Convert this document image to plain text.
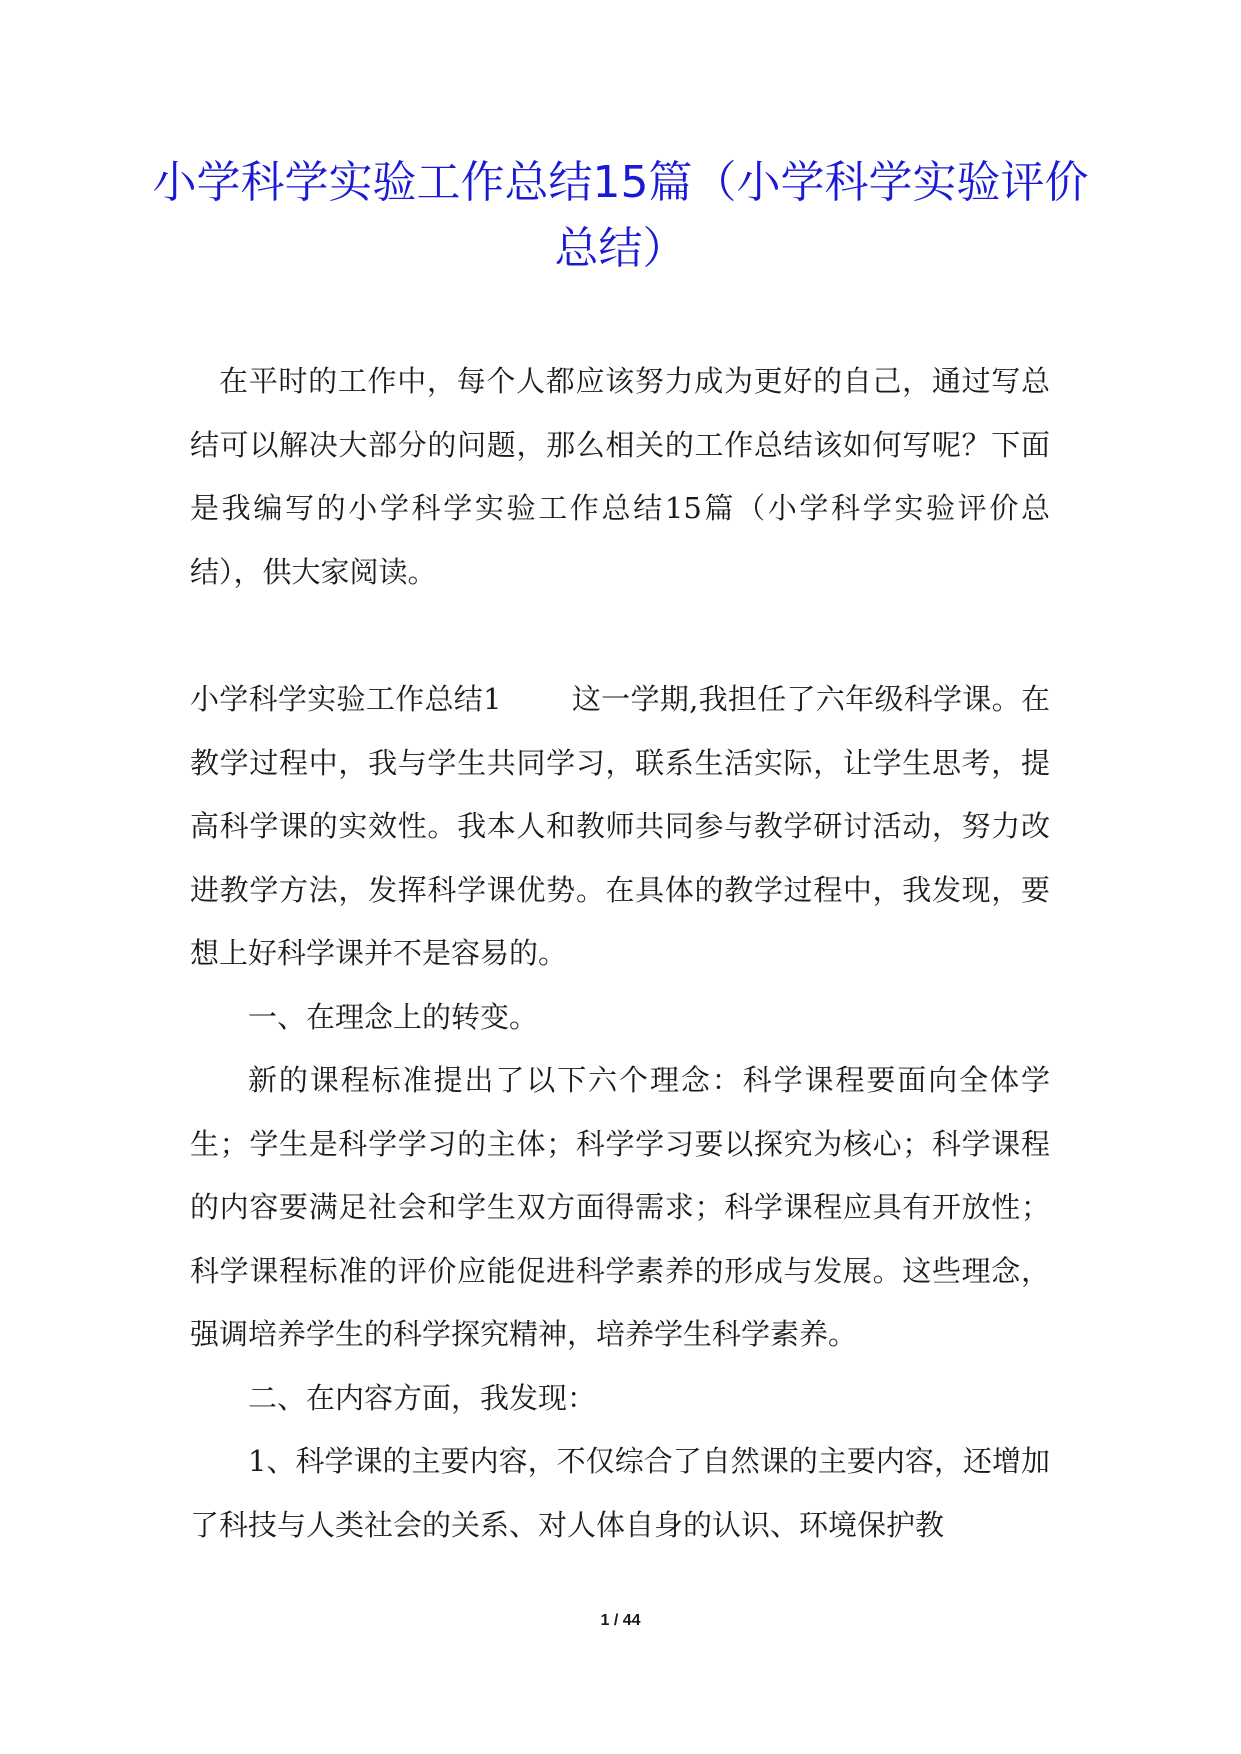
小学科学实验工作总结15篇（小学科学实验评价总结）

在平时的工作中，每个人都应该努力成为更好的自己，通过写总结可以解决大部分的问题，那么相关的工作总结该如何写呢？下面是我编写的小学科学实验工作总结15篇（小学科学实验评价总结），供大家阅读。

小学科学实验工作总结1 这一学期,我担任了六年级科学课。在教学过程中，我与学生共同学习，联系生活实际，让学生思考，提高科学课的实效性。我本人和教师共同参与教学研讨活动，努力改进教学方法，发挥科学课优势。在具体的教学过程中，我发现，要想上好科学课并不是容易的。

一、在理念上的转变。

新的课程标准提出了以下六个理念：科学课程要面向全体学生；学生是科学学习的主体；科学学习要以探究为核心；科学课程的内容要满足社会和学生双方面得需求；科学课程应具有开放性；科学课程标准的评价应能促进科学素养的形成与发展。这些理念，强调培养学生的科学探究精神，培养学生科学素养。

二、在内容方面，我发现：

1、科学课的主要内容，不仅综合了自然课的主要内容，还增加了科技与人类社会的关系、对人体自身的认识、环境保护教

1 / 44
